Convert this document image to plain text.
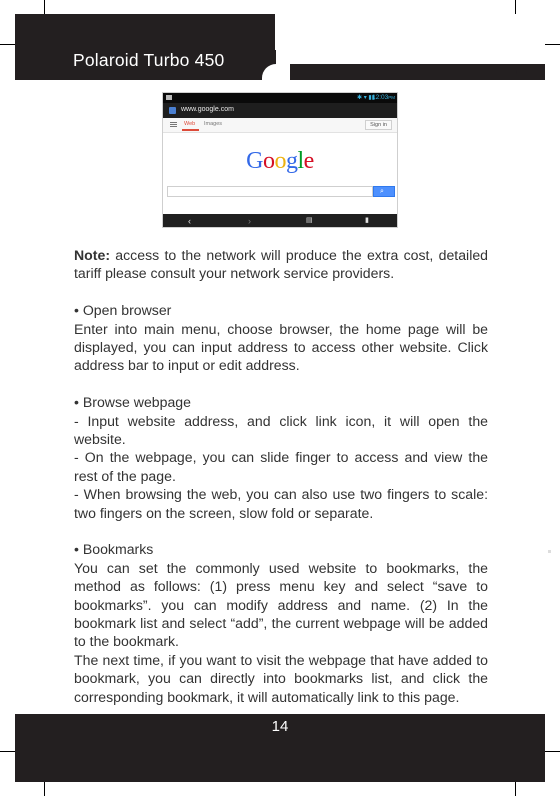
Polaroid Turbo 450
✱ ▾ ▮▮
12:03PM
www.google.com
Web Images	Sign in
Google
⌕
‹	›	▤	▮

Note: access to the network will produce the extra cost, detailed tariff please consult your network service providers.

• Open browser

Enter into main menu, choose browser, the home page will be displayed, you can input address to access other website. Click address bar to input or edit address.

• Browse webpage

- Input website address, and click link icon, it will open the website.

- On the webpage, you can slide finger to access and view the rest of the page.

- When browsing the web, you can also use two fingers to scale: two fingers on the screen, slow fold or separate.

• Bookmarks

You can set the commonly used website to bookmarks, the method as follows: (1) press menu key and select “save to bookmarks”. you can modify address and name. (2) In the bookmark list and select “add”, the current webpage will be added to the bookmark.

The next time, if you want to visit the webpage that have added to bookmark, you can directly into bookmarks list, and click the corresponding bookmark, it will automatically link to this page.

14
